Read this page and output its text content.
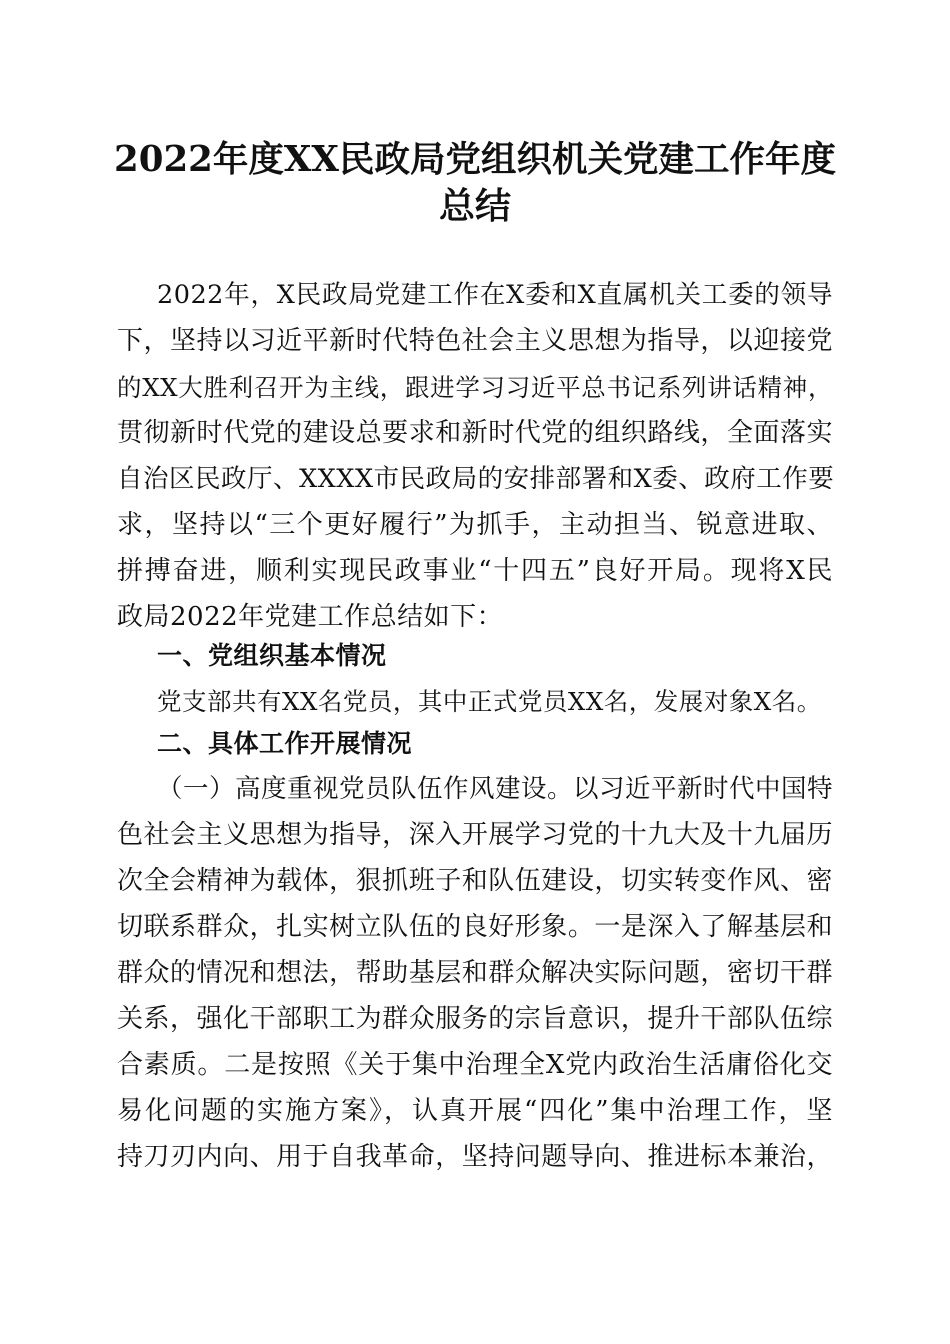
2022年度XX民政局党组织机关党建工作年度
总结
2022年，X民政局党建工作在X委和X直属机关工委的领导
下，坚持以习近平新时代特色社会主义思想为指导，以迎接党
的XX大胜利召开为主线，跟进学习习近平总书记系列讲话精神，
贯彻新时代党的建设总要求和新时代党的组织路线，全面落实
自治区民政厅、XXXX市民政局的安排部署和X委、政府工作要
求，坚持以“三个更好履行”为抓手，主动担当、锐意进取、
拼搏奋进，顺利实现民政事业“十四五”良好开局。现将X民
政局2022年党建工作总结如下：
一、党组织基本情况
党支部共有XX名党员，其中正式党员XX名，发展对象X名。
二、具体工作开展情况
（一）高度重视党员队伍作风建设。以习近平新时代中国特
色社会主义思想为指导，深入开展学习党的十九大及十九届历
次全会精神为载体，狠抓班子和队伍建设，切实转变作风、密
切联系群众，扎实树立队伍的良好形象。一是深入了解基层和
群众的情况和想法，帮助基层和群众解决实际问题，密切干群
关系，强化干部职工为群众服务的宗旨意识，提升干部队伍综
合素质。二是按照《关于集中治理全X党内政治生活庸俗化交
易化问题的实施方案》，认真开展“四化”集中治理工作，坚
持刀刃内向、用于自我革命，坚持问题导向、推进标本兼治，
